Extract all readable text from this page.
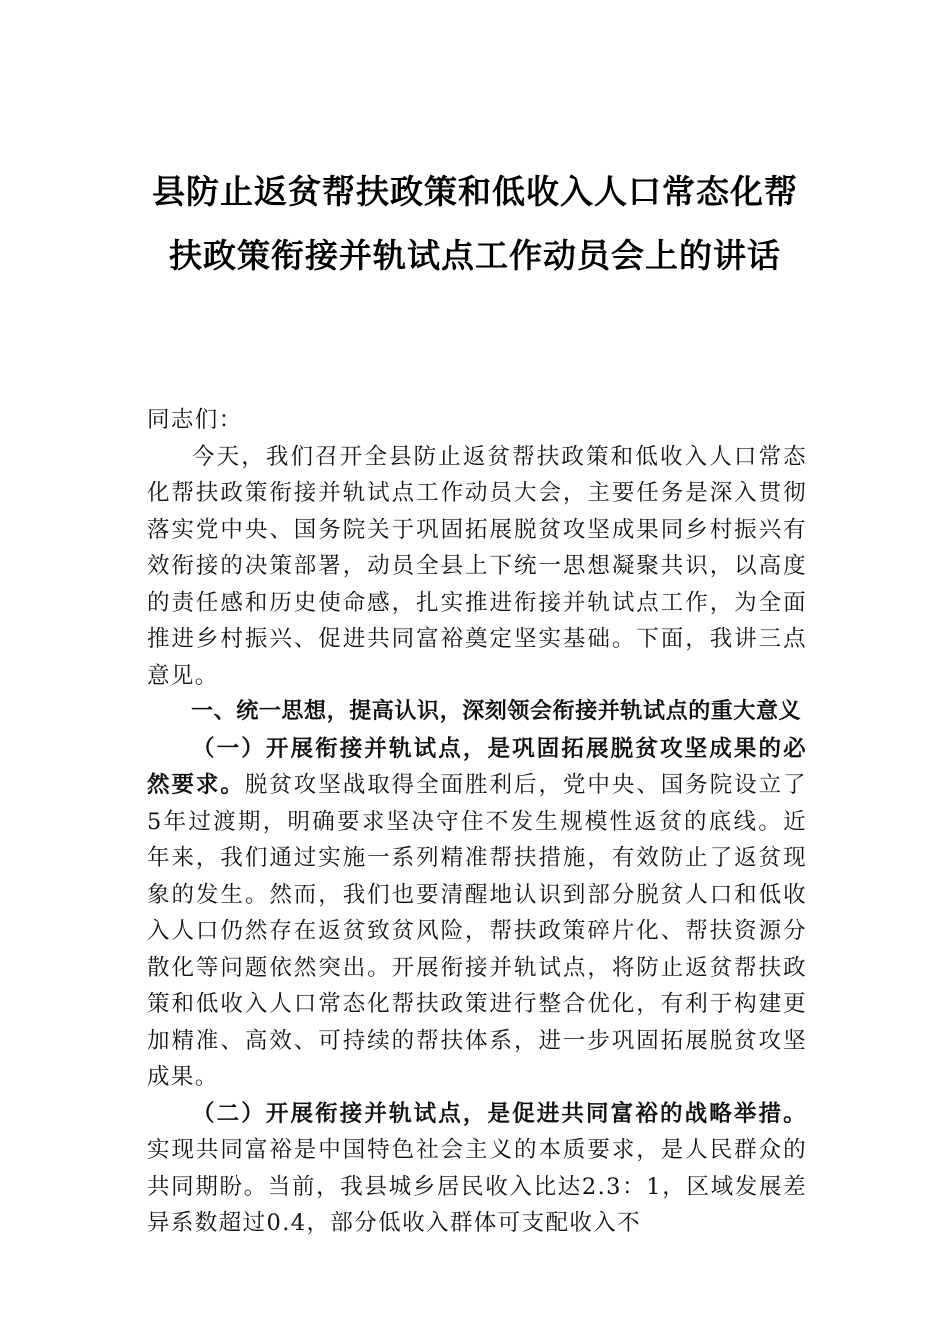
县防止返贫帮扶政策和低收入人口常态化帮扶政策衔接并轨试点工作动员会上的讲话

同志们：

今天，我们召开全县防止返贫帮扶政策和低收入人口常态化帮扶政策衔接并轨试点工作动员大会，主要任务是深入贯彻落实党中央、国务院关于巩固拓展脱贫攻坚成果同乡村振兴有效衔接的决策部署，动员全县上下统一思想凝聚共识，以高度的责任感和历史使命感，扎实推进衔接并轨试点工作，为全面推进乡村振兴、促进共同富裕奠定坚实基础。下面，我讲三点意见。

一、统一思想，提高认识，深刻领会衔接并轨试点的重大意义

（一）开展衔接并轨试点，是巩固拓展脱贫攻坚成果的必然要求。脱贫攻坚战取得全面胜利后，党中央、国务院设立了5年过渡期，明确要求坚决守住不发生规模性返贫的底线。近年来，我们通过实施一系列精准帮扶措施，有效防止了返贫现象的发生。然而，我们也要清醒地认识到部分脱贫人口和低收入人口仍然存在返贫致贫风险，帮扶政策碎片化、帮扶资源分散化等问题依然突出。开展衔接并轨试点，将防止返贫帮扶政策和低收入人口常态化帮扶政策进行整合优化，有利于构建更加精准、高效、可持续的帮扶体系，进一步巩固拓展脱贫攻坚成果。

（二）开展衔接并轨试点，是促进共同富裕的战略举措。实现共同富裕是中国特色社会主义的本质要求，是人民群众的共同期盼。当前，我县城乡居民收入比达2.3：1，区域发展差异系数超过0.4，部分低收入群体可支配收入不
